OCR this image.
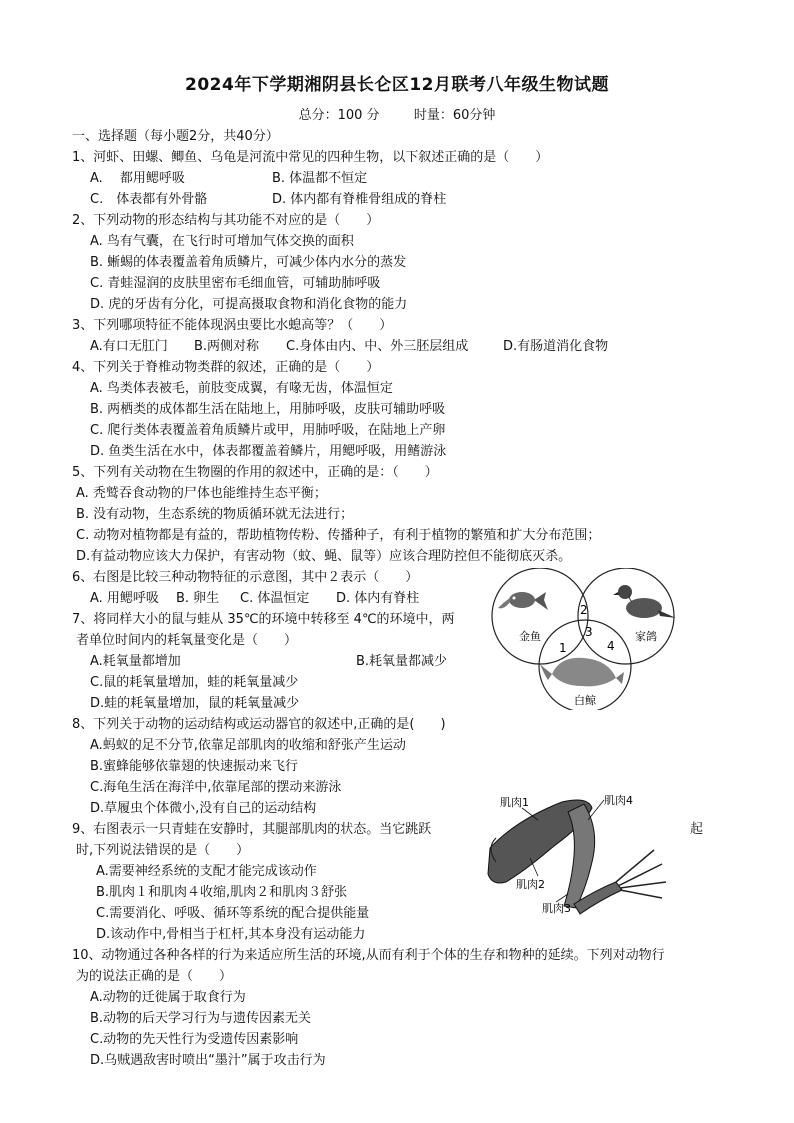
2024年下学期湘阴县长仑区12月联考八年级生物试题
总分：100 分	时量：60分钟
一、选择题（每小题2分，共40分）
1、河虾、田螺、鲫鱼、乌龟是河流中常见的四种生物，以下叙述正确的是（　　）
A.　 都用鳃呼吸	B. 体温都不恒定
C.　体表都有外骨骼	D. 体内都有脊椎骨组成的脊柱
2、下列动物的形态结构与其功能不对应的是（　　）
A. 鸟有气囊，在飞行时可增加气体交换的面积
B. 蜥蜴的体表覆盖着角质鳞片，可减少体内水分的蒸发
C. 青蛙湿润的皮肤里密布毛细血管，可辅助肺呼吸
D. 虎的牙齿有分化，可提高摄取食物和消化食物的能力
3、下列哪项特征不能体现涡虫要比水螅高等？（　　）
A.有口无肛门 B.两侧对称 C.身体由内、中、外三胚层组成	D.有肠道消化食物
4、下列关于脊椎动物类群的叙述，正确的是（　　）
A. 鸟类体表被毛，前肢变成翼，有喙无齿，体温恒定
B. 两栖类的成体都生活在陆地上，用肺呼吸，皮肤可辅助呼吸
C. 爬行类体表覆盖着角质鳞片或甲，用肺呼吸，在陆地上产卵
D. 鱼类生活在水中，体表都覆盖着鳞片，用鳃呼吸，用鳍游泳
5、下列有关动物在生物圈的作用的叙述中，正确的是：（　　）
A. 秃鹫吞食动物的尸体也能维持生态平衡；
B. 没有动物，生态系统的物质循环就无法进行；
C. 动物对植物都是有益的，帮助植物传粉、传播种子，有利于植物的繁殖和扩大分布范围；
D.有益动物应该大力保护，有害动物（蚊、蝇、鼠等）应该合理防控但不能彻底灭杀。
6、右图是比较三种动物特征的示意图，其中２表示（　　）
A. 用鳃呼吸 B. 卵生 C. 体温恒定 D. 体内有脊柱
7、将同样大小的鼠与蛙从 35℃的环境中转移至 4℃的环境中，两
者单位时间内的耗氧量变化是（　　）
A.耗氧量都增加	B.耗氧量都减少
C.鼠的耗氧量增加，蛙的耗氧量减少
D.蛙的耗氧量增加，鼠的耗氧量减少
金鱼	家鸽
白鲸
2
1
3
4
8、下列关于动物的运动结构或运动器官的叙述中,正确的是(　　)
A.蚂蚁的足不分节,依靠足部肌肉的收缩和舒张产生运动
B.蜜蜂能够依靠翅的快速振动来飞行
C.海龟生活在海洋中,依靠尾部的摆动来游泳
D.草履虫个体微小,没有自己的运动结构
9、右图表示一只青蛙在安静时，其腿部肌肉的状态。当它跳跃	起
时,下列说法错误的是（　　）
A.需要神经系统的支配才能完成该动作
B.肌肉１和肌肉４收缩,肌肉２和肌肉３舒张
C.需要消化、呼吸、循环等系统的配合提供能量
D.该动作中,骨相当于杠杆,其本身没有运动能力
肌肉1	肌肉4
肌肉2
肌肉3
10、动物通过各种各样的行为来适应所生活的环境,从而有利于个体的生存和物种的延续。下列对动物行
为的说法正确的是（　　）
A.动物的迁徙属于取食行为
B.动物的后天学习行为与遗传因素无关
C.动物的先天性行为受遗传因素影响
D.乌贼遇敌害时喷出“墨汁”属于攻击行为
